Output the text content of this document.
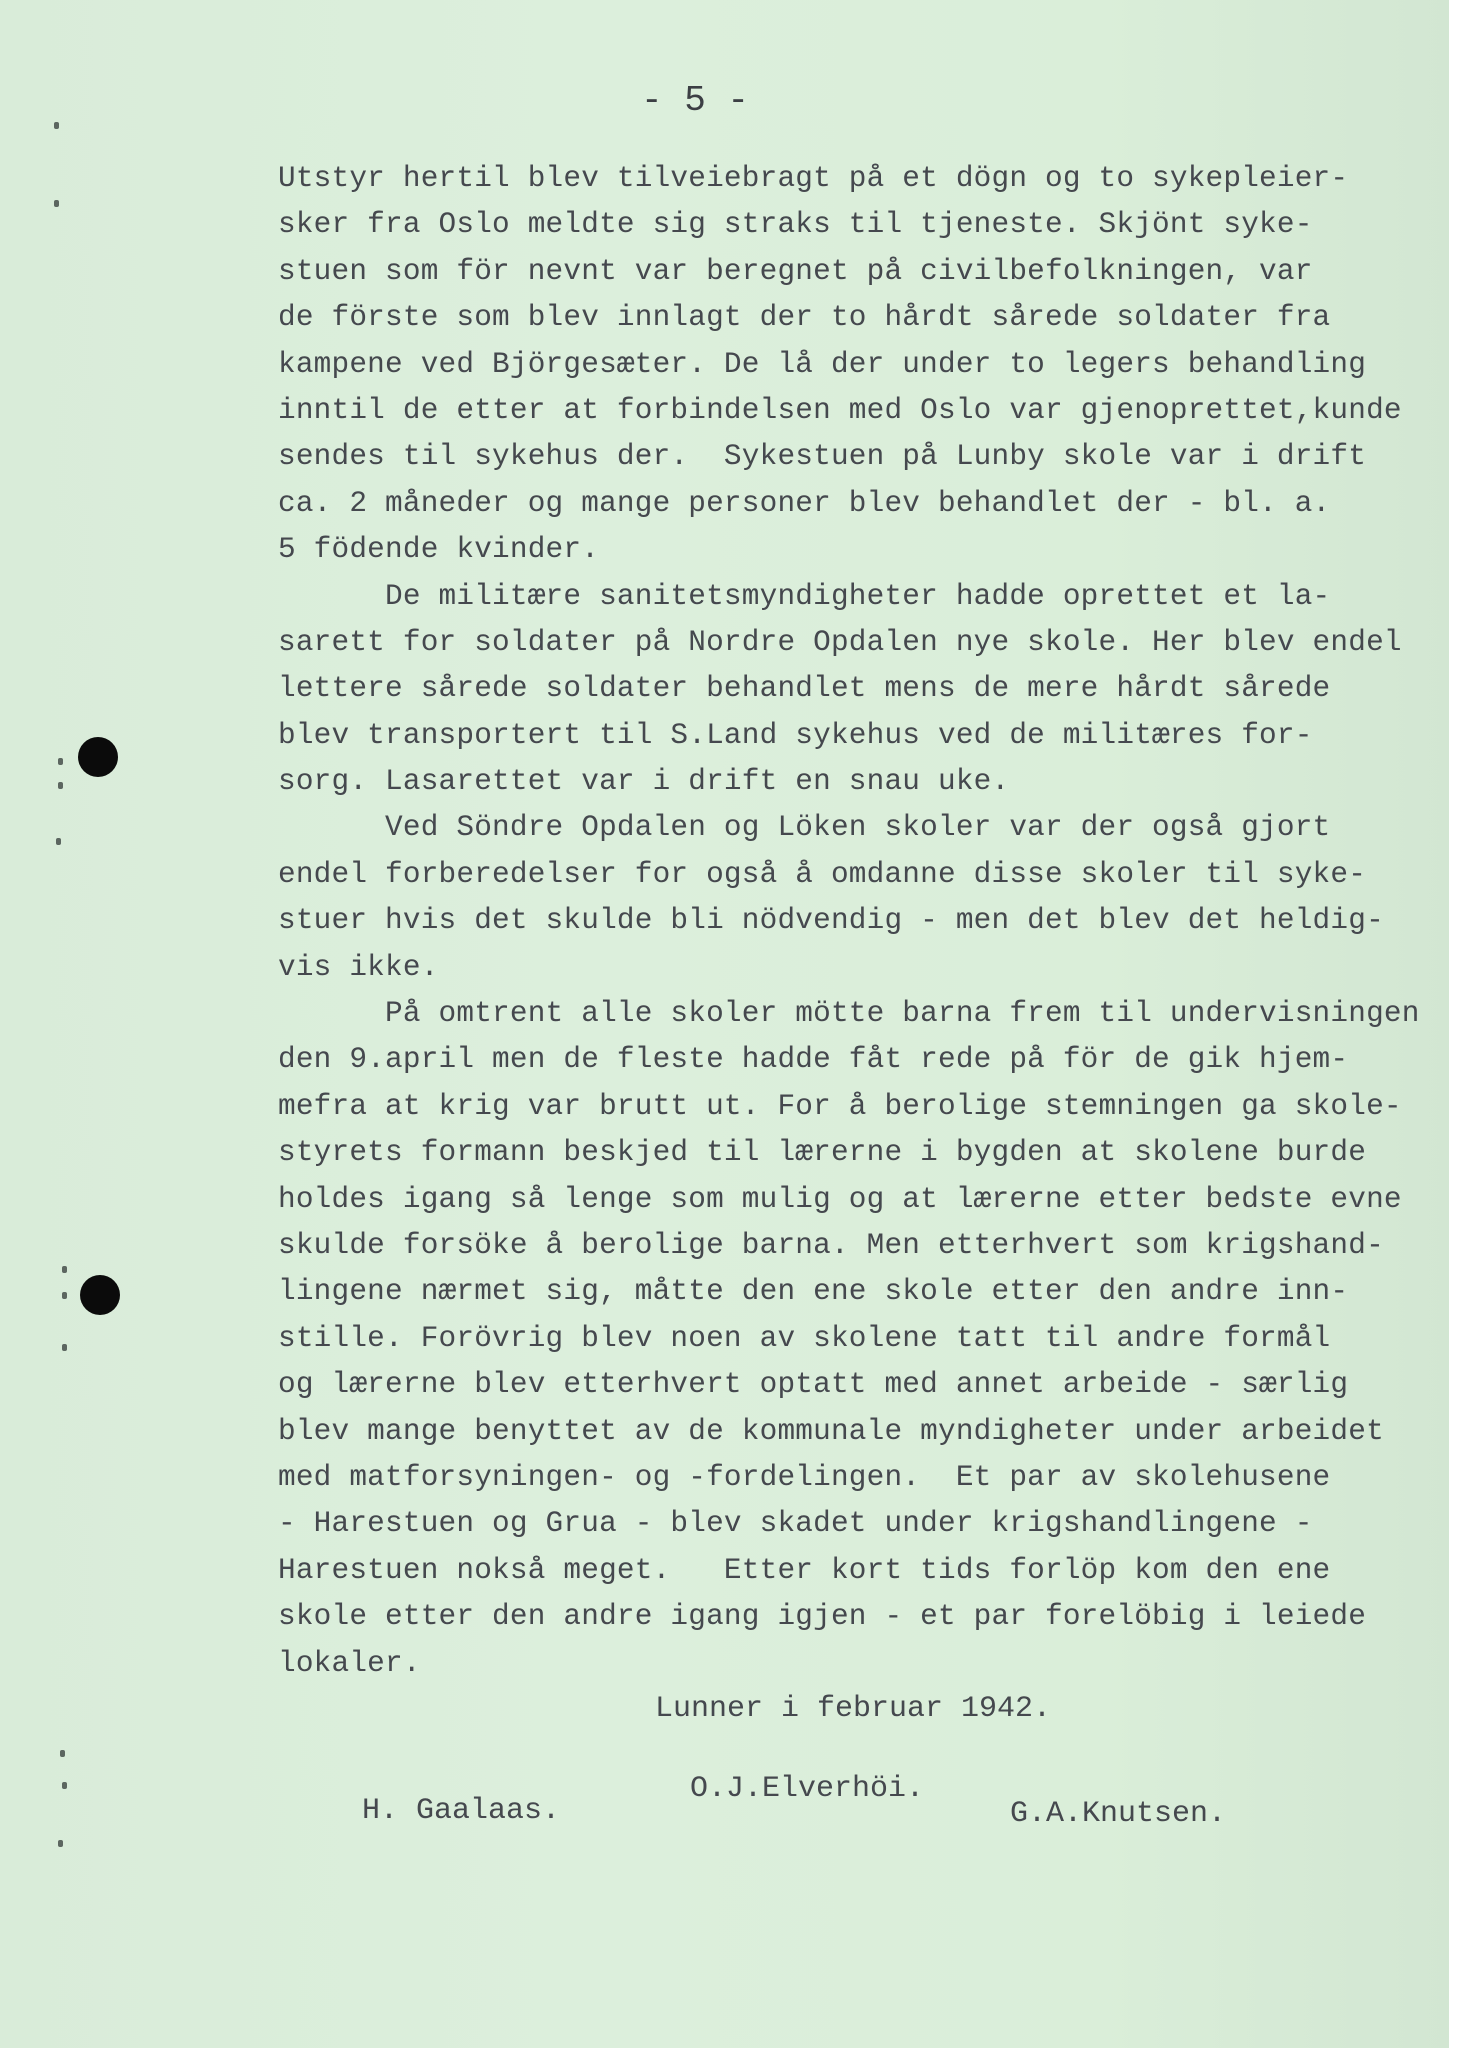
- 5 -
Utstyr hertil blev tilveiebragt på et dögn og to sykepleier-
sker fra Oslo meldte sig straks til tjeneste. Skjönt syke-
stuen som för nevnt var beregnet på civilbefolkningen, var
de förste som blev innlagt der to hårdt sårede soldater fra
kampene ved Björgesæter. De lå der under to legers behandling
inntil de etter at forbindelsen med Oslo var gjenoprettet,kunde
sendes til sykehus der.  Sykestuen på Lunby skole var i drift
ca. 2 måneder og mange personer blev behandlet der - bl. a.
5 födende kvinder.
De militære sanitetsmyndigheter hadde oprettet et la-
sarett for soldater på Nordre Opdalen nye skole. Her blev endel
lettere sårede soldater behandlet mens de mere hårdt sårede
blev transportert til S.Land sykehus ved de militæres for-
sorg. Lasarettet var i drift en snau uke.
Ved Söndre Opdalen og Löken skoler var der også gjort
endel forberedelser for også å omdanne disse skoler til syke-
stuer hvis det skulde bli nödvendig - men det blev det heldig-
vis ikke.
På omtrent alle skoler mötte barna frem til undervisningen
den 9.april men de fleste hadde fåt rede på för de gik hjem-
mefra at krig var brutt ut. For å berolige stemningen ga skole-
styrets formann beskjed til lærerne i bygden at skolene burde
holdes igang så lenge som mulig og at lærerne etter bedste evne
skulde forsöke å berolige barna. Men etterhvert som krigshand-
lingene nærmet sig, måtte den ene skole etter den andre inn-
stille. Forövrig blev noen av skolene tatt til andre formål
og lærerne blev etterhvert optatt med annet arbeide - særlig
blev mange benyttet av de kommunale myndigheter under arbeidet
med matforsyningen- og -fordelingen.  Et par av skolehusene
- Harestuen og Grua - blev skadet under krigshandlingene -
Harestuen nokså meget.   Etter kort tids forlöp kom den ene
skole etter den andre igang igjen - et par forelöbig i leiede
lokaler.
Lunner i februar 1942.
H. Gaalaas.
O.J.Elverhöi.
G.A.Knutsen.
